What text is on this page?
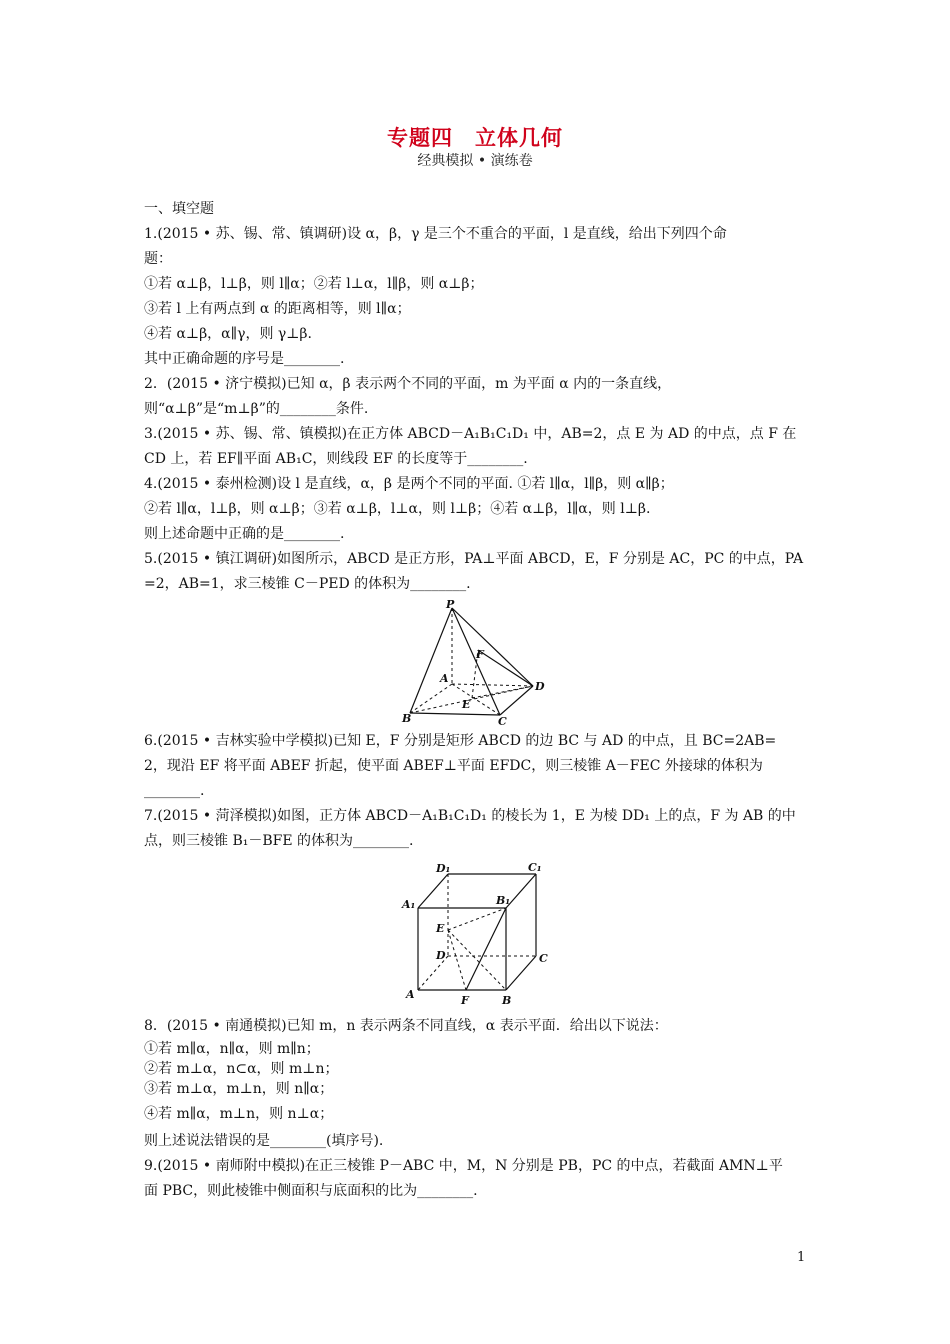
专题四　立体几何
经典模拟 • 演练卷
一、填空题
1.(2015 • 苏、锡、常、镇调研)设 α，β，γ 是三个不重合的平面，l 是直线，给出下列四个命
题：
①若 α⊥β，l⊥β，则 l∥α；②若 l⊥α，l∥β，则 α⊥β；
③若 l 上有两点到 α 的距离相等，则 l∥α；
④若 α⊥β，α∥γ，则 γ⊥β.
其中正确命题的序号是________.
2．(2015 • 济宁模拟)已知 α，β 表示两个不同的平面，m 为平面 α 内的一条直线，
则“α⊥β”是“m⊥β”的________条件.
3.(2015 • 苏、锡、常、镇模拟)在正方体 ABCD－A₁B₁C₁D₁ 中，AB=2，点 E 为 AD 的中点，点 F 在
CD 上，若 EF∥平面 AB₁C，则线段 EF 的长度等于________.
4.(2015 • 泰州检测)设 l 是直线，α，β 是两个不同的平面. ①若 l∥α，l∥β，则 α∥β；
②若 l∥α，l⊥β，则 α⊥β；③若 α⊥β，l⊥α，则 l⊥β；④若 α⊥β，l∥α，则 l⊥β.
则上述命题中正确的是________.
5.(2015 • 镇江调研)如图所示，ABCD 是正方形，PA⊥平面 ABCD，E，F 分别是 AC，PC 的中点，PA
=2，AB=1，求三棱锥 C－PED 的体积为________.
P
F
A
D
E
B	C
6.(2015 • 吉林实验中学模拟)已知 E，F 分别是矩形 ABCD 的边 BC 与 AD 的中点，且 BC=2AB=
2，现沿 EF 将平面 ABEF 折起，使平面 ABEF⊥平面 EFDC，则三棱锥 A－FEC 外接球的体积为
________.
7.(2015 • 菏泽模拟)如图，正方体 ABCD－A₁B₁C₁D₁ 的棱长为 1，E 为棱 DD₁ 上的点，F 为 AB 的中
点，则三棱锥 B₁－BFE 的体积为________.
D₁	C₁
A₁	B₁
E
D	C
A	F	B
8．(2015 • 南通模拟)已知 m，n 表示两条不同直线，α 表示平面．给出以下说法：
①若 m∥α，n∥α，则 m∥n；
②若 m⊥α，n⊂α，则 m⊥n；
③若 m⊥α，m⊥n，则 n∥α；
④若 m∥α，m⊥n，则 n⊥α；
则上述说法错误的是________(填序号).
9.(2015 • 南师附中模拟)在正三棱锥 P－ABC 中，M，N 分别是 PB，PC 的中点，若截面 AMN⊥平
面 PBC，则此棱锥中侧面积与底面积的比为________.
1
